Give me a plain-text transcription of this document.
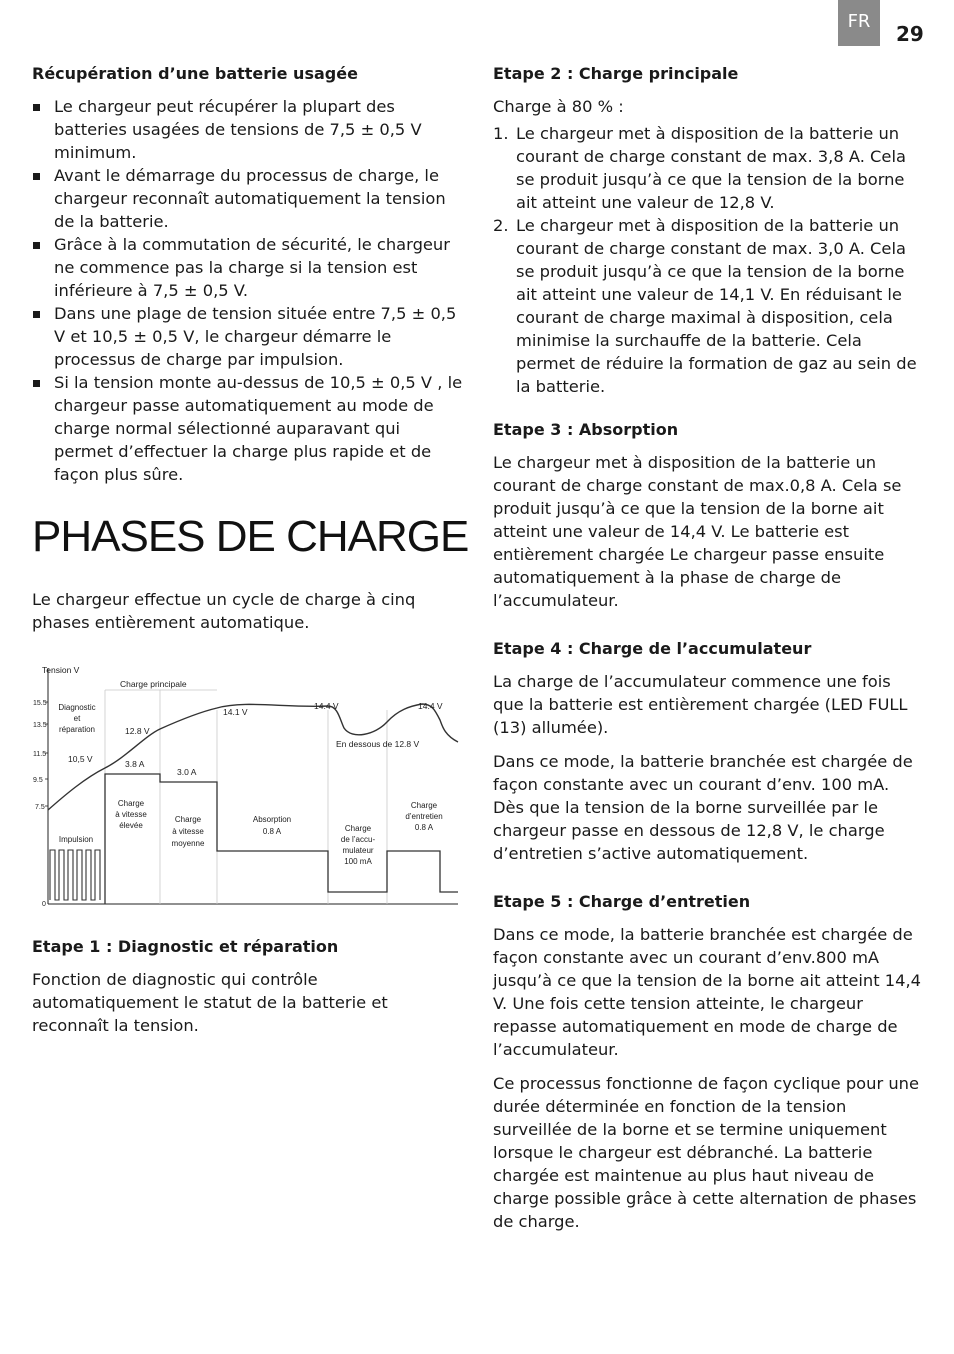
FR
29
Récupération d’une batterie usagée
Le chargeur peut récupérer la plupart des batteries usagées de tensions de 7,5 ± 0,5 V minimum.
Avant le démarrage du processus de charge, le chargeur reconnaît automatiquement la tension de la batterie.
Grâce à la commutation de sécurité, le chargeur ne commence pas la charge si la tension est inférieure à 7,5 ± 0,5 V.
Dans une plage de tension située entre 7,5 ± 0,5 V et 10,5 ± 0,5 V, le chargeur démarre le processus de charge par impulsion.
Si la tension monte au-dessus de 10,5 ± 0,5 V , le chargeur passe automatiquement au mode de charge normal sélectionné auparavant qui permet d’effectuer la charge plus rapide et de façon plus sûre.
PHASES DE CHARGE
Le chargeur effectue un cycle de charge à cinq phases entièrement automatique.
Tension V
15.5
13.5
11.5
9.5
7.5
0
Charge principale
10,5 V
12.8 V
14.1 V
14.4 V	14.4 V
En dessous de 12.8 V
3.8 A
3.0 A
Diagnostic
et
réparation
Impulsion
Charge
à vitesse
élevée
Charge
à vitesse
moyenne
Absorption
0.8 A	Charge
de l’accu-
mulateur
100 mA
Charge
d’entretien
0.8 A
Etape 1 : Diagnostic et réparation

Fonction de diagnostic qui contrôle automatiquement le statut de la batterie et reconnaît la tension.

Etape 2 : Charge principale

Charge à 80 % :

1. Le chargeur met à disposition de la batterie un courant de charge constant de max. 3,8 A. Cela se produit jusqu’à ce que la tension de la borne ait atteint une valeur de 12,8 V.
2. Le chargeur met à disposition de la batterie un courant de charge constant de max. 3,0 A. Cela se produit jusqu’à ce que la tension de la borne ait atteint une valeur de 14,1 V. En réduisant le courant de charge maximal à disposition, cela minimise la surchauffe de la batterie. Cela permet de réduire la formation de gaz au sein de la batterie.
Etape 3 : Absorption

Le chargeur met à disposition de la batterie un courant de charge constant de max.0,8 A. Cela se produit jusqu’à ce que la tension de la borne ait atteint une valeur de 14,4 V. Le batterie est entièrement chargée Le chargeur passe ensuite automatiquement à la phase de charge de l’accumulateur.

Etape 4 : Charge de l’accumulateur

La charge de l’accumulateur commence une fois que la batterie est entièrement chargée (LED FULL (13) allumée).

Dans ce mode, la batterie branchée est chargée de façon constante avec un courant d’env. 100 mA. Dès que la tension de la borne surveillée par le chargeur passe en dessous de 12,8 V, le charge d’entretien s’active automatiquement.

Etape 5 : Charge d’entretien

Dans ce mode, la batterie branchée est chargée de façon constante avec un courant d’env.800 mA jusqu’à ce que la tension de la borne ait atteint 14,4 V. Une fois cette tension atteinte, le chargeur repasse automatiquement en mode de charge de l’accumulateur.

Ce processus fonctionne de façon cyclique pour une durée déterminée en fonction de la tension surveillée de la borne et se termine uniquement lorsque le chargeur est débranché. La batterie chargée est maintenue au plus haut niveau de charge possible grâce à cette alternation de phases de charge.
